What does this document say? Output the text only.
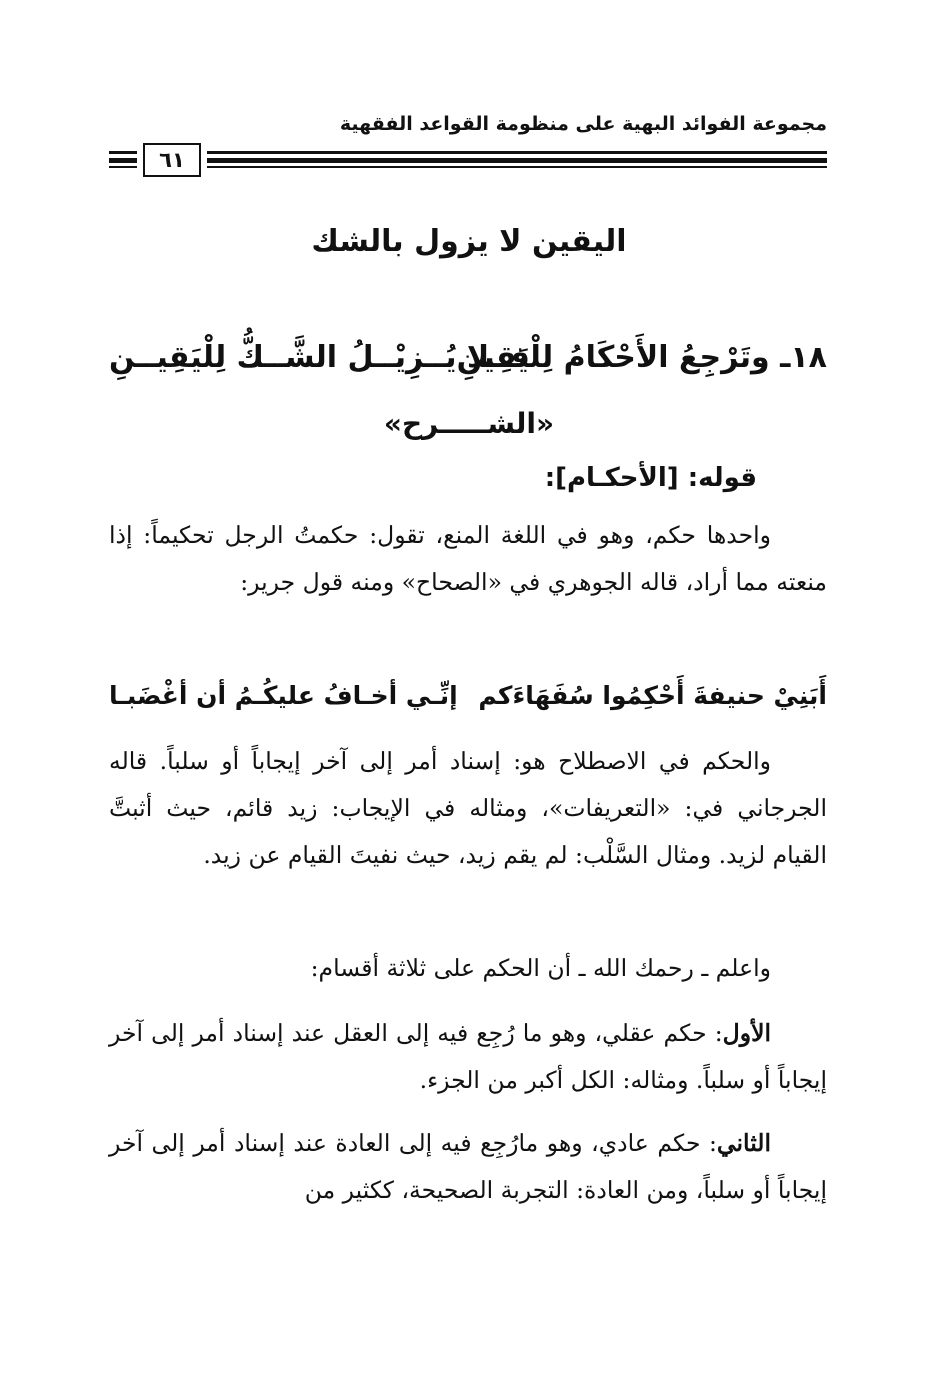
مجموعة الفوائد البهية على منظومة القواعد الفقهية
٦١
اليقين لا يزول بالشك
١٨ـ وتَرْجِعُ الأَحْكَامُ لِلْيَقِينِ
فــلا يُــزِيْــلُ الشَّــكُّ لِلْيَقِيــنِ
«الشـــــرح»
قوله: [الأحكـام]:

واحدها حكم، وهو في اللغة المنع، تقول: حكمتُ الرجل تحكيماً: إذا منعته مما أراد، قاله الجوهري في «الصحاح» ومنه قول جرير:

أَبَنِيْ حنيفةَ أَحْكِمُوا سُفَهَاءَكم
إنِّـي أخـافُ عليكُـمُ أن أغْضَبـا

والحكم في الاصطلاح هو: إسناد أمر إلى آخر إيجاباً أو سلباً. قاله الجرجاني في: «التعريفات»، ومثاله في الإيجاب: زيد قائم، حيث أثبتَّ القيام لزيد. ومثال السَّلْب: لم يقم زيد، حيث نفيتَ القيام عن زيد.

واعلم ـ رحمك الله ـ أن الحكم على ثلاثة أقسام:

الأول: حكم عقلي، وهو ما رُجِع فيه إلى العقل عند إسناد أمر إلى آخر إيجاباً أو سلباً. ومثاله: الكل أكبر من الجزء.

الثاني: حكم عادي، وهو مارُجِع فيه إلى العادة عند إسناد أمر إلى آخر إيجاباً أو سلباً، ومن العادة: التجربة الصحيحة، ككثير من
